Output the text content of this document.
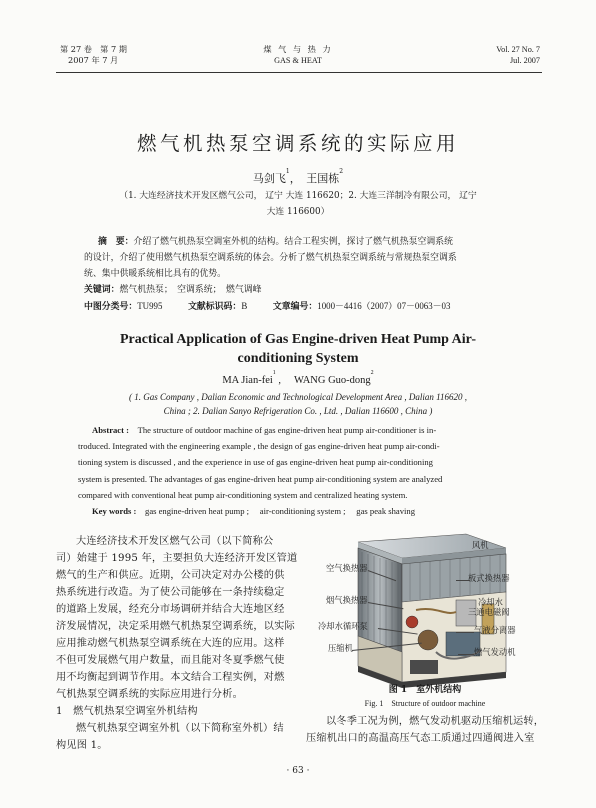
第 27 卷　第 7 期
2007 年 7 月
煤 气 与 热 力
GAS & HEAT
Vol. 27 No. 7
Jul. 2007
燃气机热泵空调系统的实际应用
马剑飞$^1$，　王国栋$^2$
（1. 大连经济技术开发区燃气公司， 辽宁 大连 116620；2. 大连三洋制冷有限公司， 辽宁
大连 116600）
摘　要：介绍了燃气机热泵空调室外机的结构。结合工程实例，探讨了燃气机热泵空调系统
的设计，介绍了使用燃气机热泵空调系统的体会。分析了燃气机热泵空调系统与常规热泵空调系
统、集中供暖系统相比具有的优势。
关键词：燃气机热泵；　空调系统；　燃气调峰
中图分类号：TU995	文献标识码：B	文章编号：1000－4416（2007）07－0063－03
Practical Application of Gas Engine-driven Heat Pump Air-
conditioning System
MA Jian-fei$^1$ ,　 WANG Guo-dong$^2$
( 1. Gas Company , Dalian Economic and Technological Development Area , Dalian 116620 ,
China ; 2. Dalian Sanyo Refrigeration Co. , Ltd. , Dalian 116600 , China )
Abstract :　 The structure of outdoor machine of gas engine-driven heat pump air-conditioner is in-
troduced. Integrated with the engineering example , the design of gas engine-driven heat pump air-condi-
tioning system is discussed , and the experience in use of gas engine-driven heat pump air-conditioning
system is presented. The advantages of gas engine-driven heat pump air-conditioning system are analyzed
compared with conventional heat pump air-conditioning system and centralized heating system.
Key words :　 gas engine-driven heat pump ;　 air-conditioning system ;　 gas peak shaving
大连经济技术开发区燃气公司（以下简称公
司）始建于 1995 年，主要担负大连经济开发区管道
燃气的生产和供应。近期，公司决定对办公楼的供
热系统进行改造。为了使公司能够在一条持续稳定
的道路上发展，经充分市场调研并结合大连地区经
济发展情况，决定采用燃气机热泵空调系统，以实际
应用推动燃气机热泵空调系统在大连的应用。这样
不但可发展燃气用户数量，而且能对冬夏季燃气使
用不均衡起到调节作用。本文结合工程实例，对燃
气机热泵空调系统的实际应用进行分析。
1　燃气机热泵空调室外机结构
燃气机热泵空调室外机（以下简称室外机）结
构见图 1。
风机
空气换热器
板式换热器
烟气换热器	冷却水
三通电磁阀
冷却水循环泵	气液分离器
压缩机	燃气发动机
图 1　室外机结构
Fig. 1　Structure of outdoor machine
以冬季工况为例，燃气发动机驱动压缩机运转，
压缩机出口的高温高压气态工质通过四通阀进入室
· 63 ·
